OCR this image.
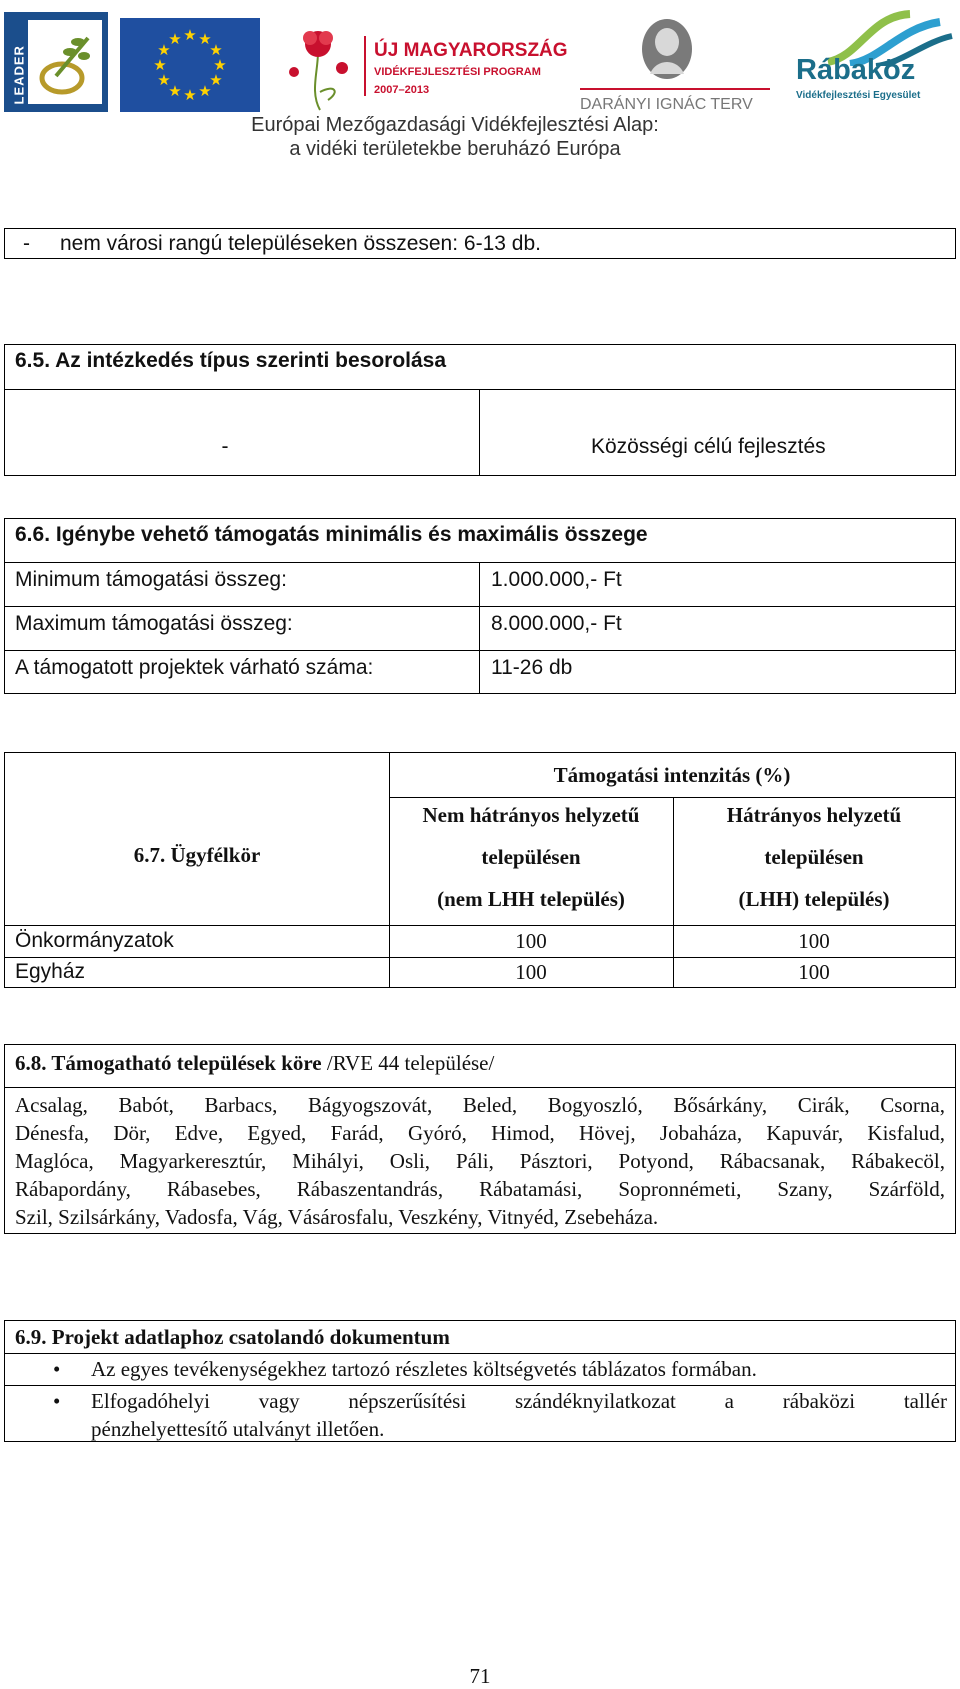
LEADER
★ ★
★
★
★
★
★
★
★
★
★
★
ÚJ MAGYARORSZÁG
VIDÉKFEJLESZTÉSI PROGRAM
2007–2013
DARÁNYI IGNÁC TERV
Rábaköz
Vidékfejlesztési Egyesület
Európai Mezőgazdasági Vidékfejlesztési Alap:
a vidéki területekbe beruházó Európa
- nem városi rangú településeken összesen: 6-13 db.
6.5. Az intézkedés típus szerinti besorolása
-	Közösségi célú fejlesztés
6.6. Igénybe vehető támogatás minimális és maximális összege
Minimum támogatási összeg:	1.000.000,- Ft
Maximum támogatási összeg:	8.000.000,- Ft
A támogatott projektek várható száma:	11-26 db
6.7. Ügyfélkör
Támogatási intenzitás (%)
Nem hátrányos helyzetű
településen
(nem LHH település)
Hátrányos helyzetű
településen
(LHH) település)
Önkormányzatok	100	100
Egyház	100	100
6.8. Támogatható települések köre /RVE 44 települése/
Acsalag, Babót, Barbacs, Bágyogszovát, Beled, Bogyoszló, Bősárkány, Cirák, Csorna,
Dénesfa, Dör, Edve, Egyed, Farád, Gyóró, Himod, Hövej, Jobaháza, Kapuvár, Kisfalud,
Maglóca, Magyarkeresztúr, Mihályi, Osli, Páli, Pásztori, Potyond, Rábacsanak, Rábakecöl,
Rábapordány, Rábasebes, Rábaszentandrás, Rábatamási, Sopronnémeti, Szany, Szárföld,
Szil, Szilsárkány, Vadosfa, Vág, Vásárosfalu, Veszkény, Vitnyéd, Zsebeháza.
6.9. Projekt adatlaphoz csatolandó dokumentum
• Az egyes tevékenységekhez tartozó részletes költségvetés táblázatos formában.
• Elfogadóhelyi vagy népszerűsítési szándéknyilatkozat a rábaközi tallér
pénzhelyettesítő utalványt illetően.
71
